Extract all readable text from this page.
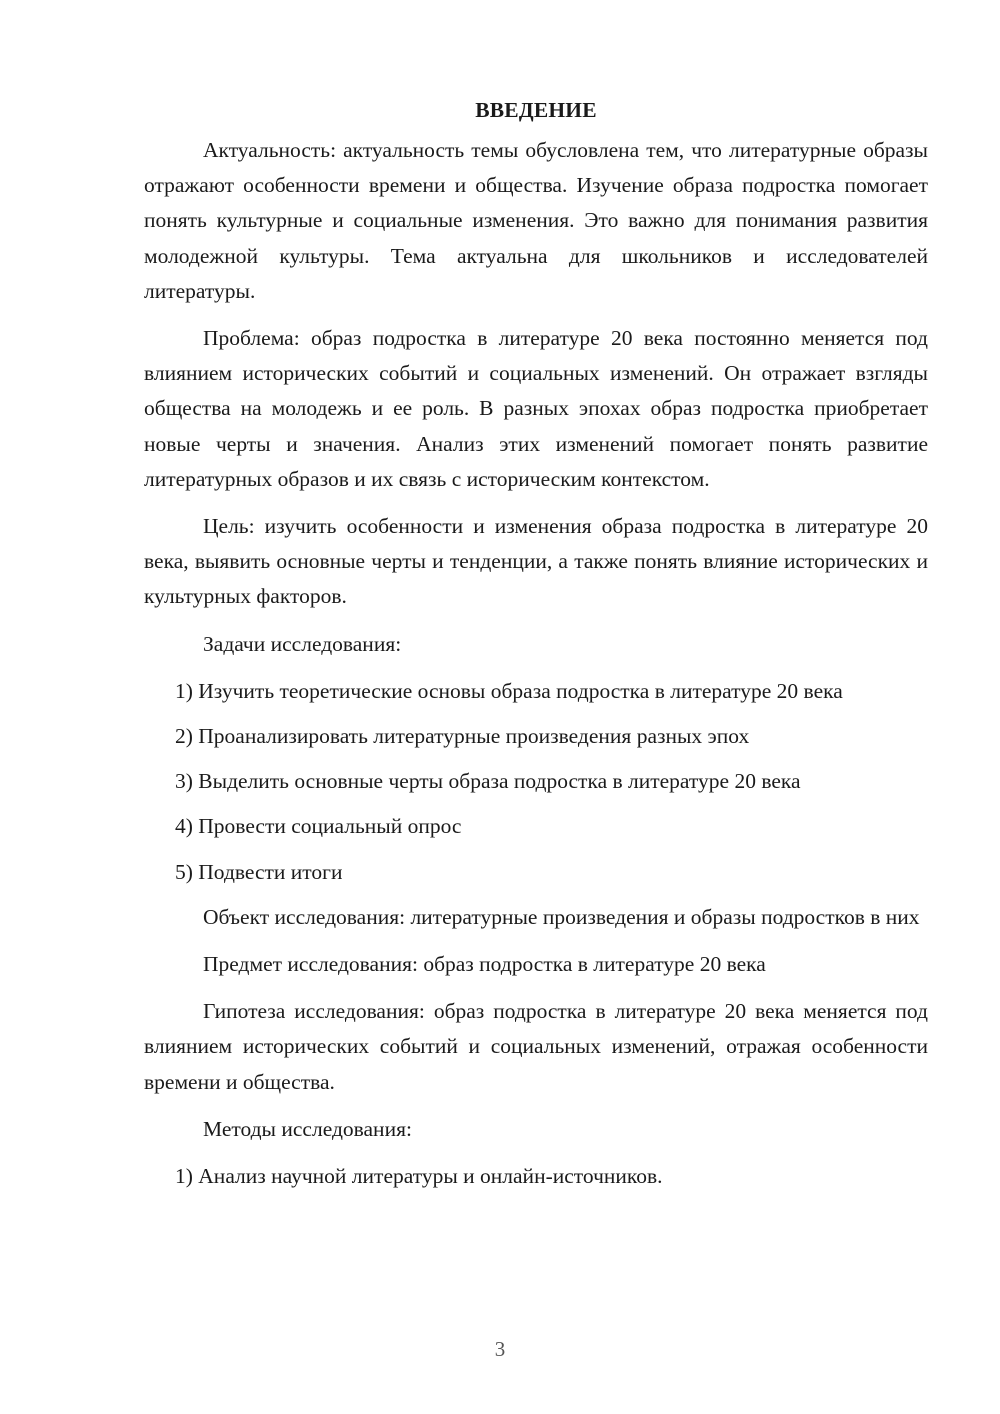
ВВЕДЕНИЕ

Актуальность: актуальность темы обусловлена тем, что литературные образы отражают особенности времени и общества. Изучение образа подростка помогает понять культурные и социальные изменения. Это важно для понимания развития молодежной культуры. Тема актуальна для школьников и исследователей литературы.

Проблема: образ подростка в литературе 20 века постоянно меняется под влиянием исторических событий и социальных изменений. Он отражает взгляды общества на молодежь и ее роль. В разных эпохах образ подростка приобретает новые черты и значения. Анализ этих изменений помогает понять развитие литературных образов и их связь с историческим контекстом.

Цель: изучить особенности и изменения образа подростка в литературе 20 века, выявить основные черты и тенденции, а также понять влияние исторических и культурных факторов.

Задачи исследования:

1) Изучить теоретические основы образа подростка в литературе 20 века

2) Проанализировать литературные произведения разных эпох

3) Выделить основные черты образа подростка в литературе 20 века

4) Провести социальный опрос

5) Подвести итоги

Объект исследования: литературные произведения и образы подростков в них

Предмет исследования: образ подростка в литературе 20 века

Гипотеза исследования: образ подростка в литературе 20 века меняется под влиянием исторических событий и социальных изменений, отражая особенности времени и общества.

Методы исследования:

1) Анализ научной литературы и онлайн-источников.

3
